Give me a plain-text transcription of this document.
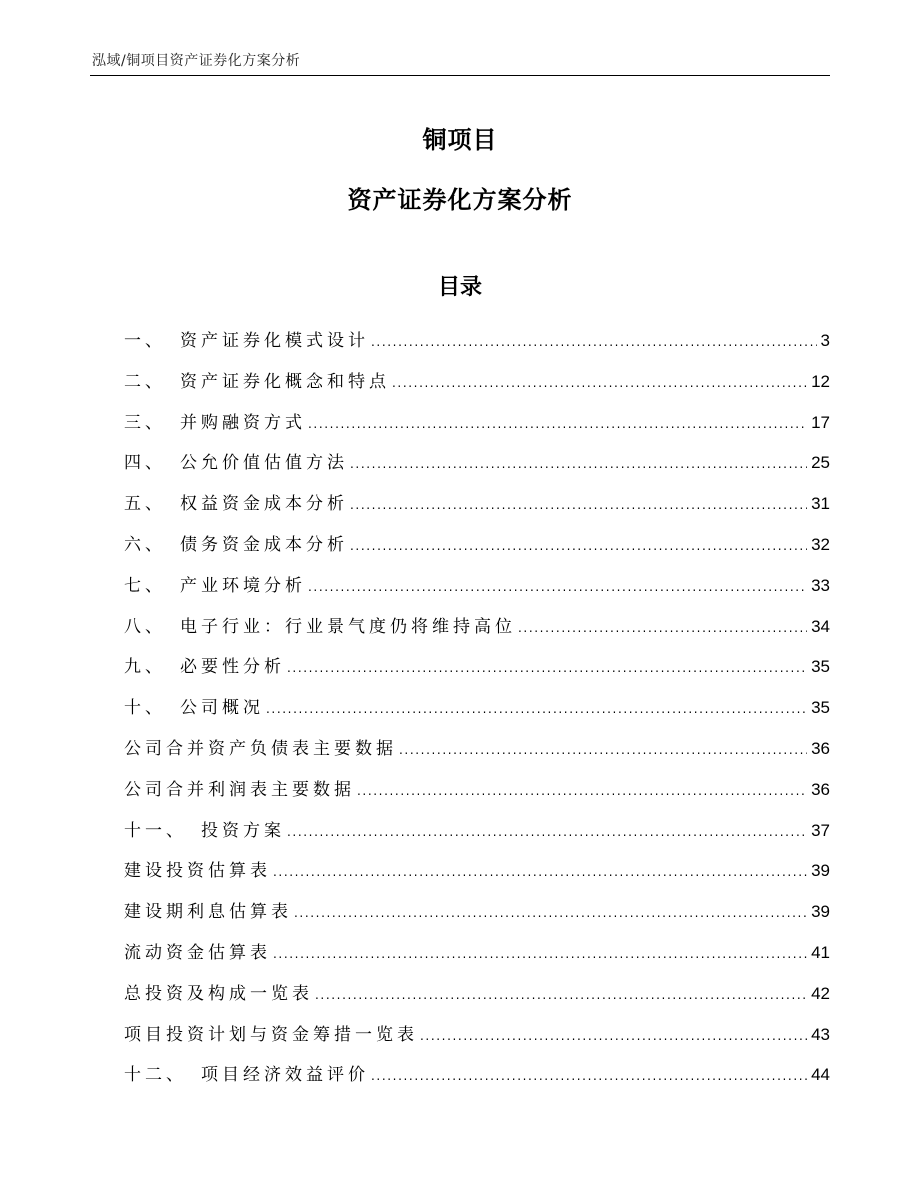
泓域/铜项目资产证券化方案分析
铜项目
资产证券化方案分析
目录
一、 资产证券化模式设计 .....	3
二、 资产证券化概念和特点 .....	12
三、 并购融资方式 .....	17
四、 公允价值估值方法 .....	25
五、 权益资金成本分析 .....	31
六、 债务资金成本分析 .....	32
七、 产业环境分析 .....	33
八、 电子行业：行业景气度仍将维持高位 .....	34
九、 必要性分析 .....	35
十、 公司概况 .....	35
公司合并资产负债表主要数据 .....	36
公司合并利润表主要数据 .....	36
十一、 投资方案 .....	37
建设投资估算表 .....	39
建设期利息估算表 .....	39
流动资金估算表 .....	41
总投资及构成一览表 .....	42
项目投资计划与资金筹措一览表 .....	43
十二、 项目经济效益评价 .....	44
